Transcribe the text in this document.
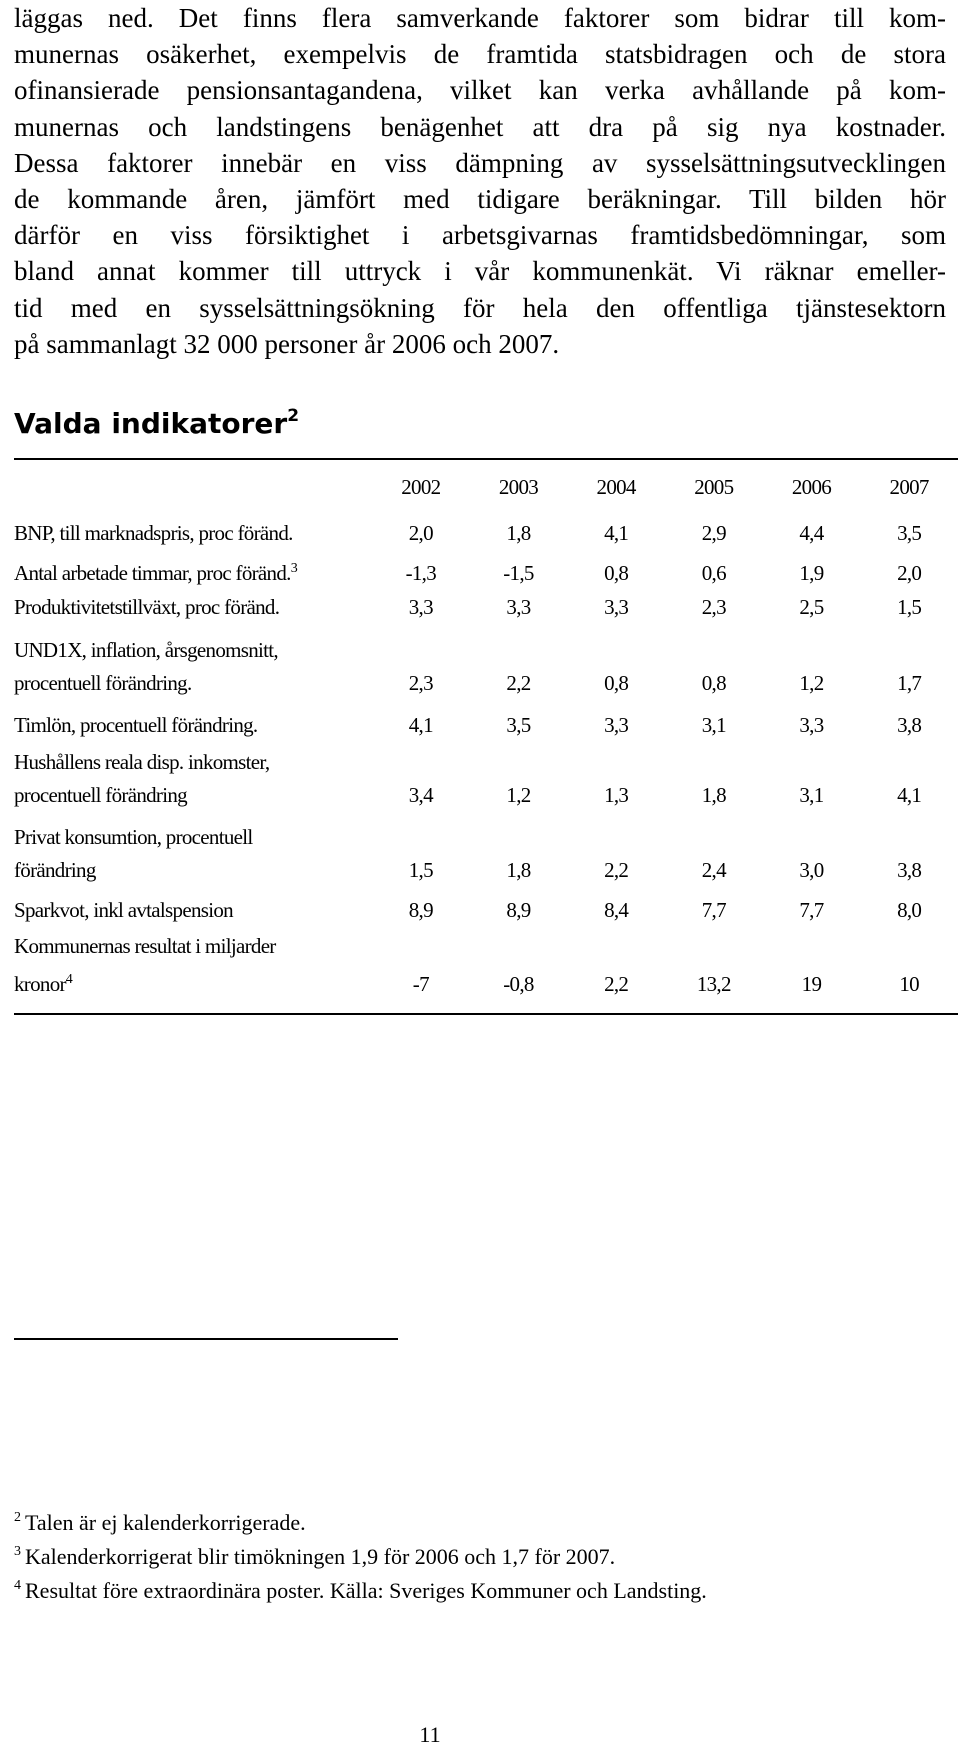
läggas ned. Det finns flera samverkande faktorer som bidrar till kom-
munernas osäkerhet, exempelvis de framtida statsbidragen och de stora
ofinansierade pensionsantagandena, vilket kan verka avhållande på kom-
munernas och landstingens benägenhet att dra på sig nya kostnader.
Dessa faktorer innebär en viss dämpning av sysselsättningsutvecklingen
de kommande åren, jämfört med tidigare beräkningar. Till bilden hör
därför en viss försiktighet i arbetsgivarnas framtidsbedömningar, som
bland annat kommer till uttryck i vår kommunenkät. Vi räknar emeller-
tid med en sysselsättningsökning för hela den offentliga tjänstesektorn
på sammanlagt 32 000 personer år 2006 och 2007.
Valda indikatorer$^2$
	2002	2003	2004	2005	2006	2007
BNP, till marknadspris, proc föränd.	2,0	1,8	4,1	2,9	4,4	3,5
Antal arbetade timmar, proc föränd.$^3$	-1,3	-1,5	0,8	0,6	1,9	2,0
Produktivitetstillväxt, proc föränd.	3,3	3,3	3,3	2,3	2,5	1,5
UND1X, inflation, årsgenomsnitt,
procentuell förändring.	2,3	2,2	0,8	0,8	1,2	1,7
Timlön, procentuell förändring.	4,1	3,5	3,3	3,1	3,3	3,8
Hushållens reala disp. inkomster,
procentuell förändring	3,4	1,2	1,3	1,8	3,1	4,1
Privat konsumtion, procentuell
förändring	1,5	1,8	2,2	2,4	3,0	3,8
Sparkvot, inkl avtalspension	8,9	8,9	8,4	7,7	7,7	8,0
Kommunernas resultat i miljarder
kronor$^4$	-7	-0,8	2,2	13,2	19	10
$^2$ Talen är ej kalenderkorrigerade.
$^3$ Kalenderkorrigerat blir timökningen 1,9 för 2006 och 1,7 för 2007.
$^4$ Resultat före extraordinära poster. Källa: Sveriges Kommuner och Landsting.
11
